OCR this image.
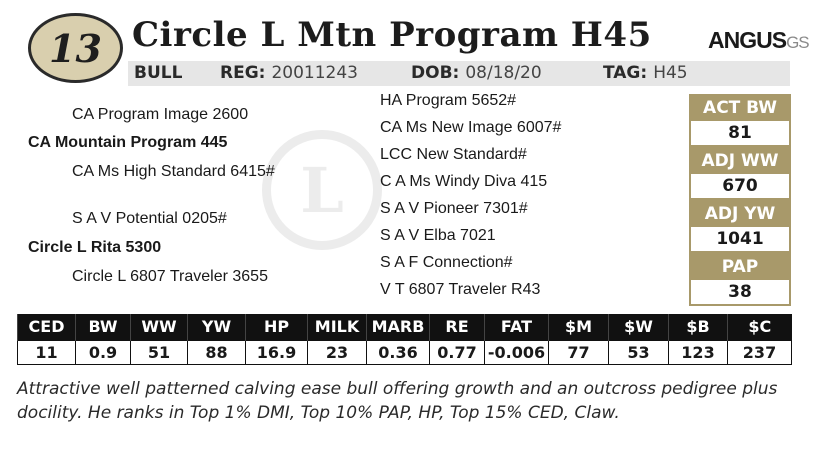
13 Circle L Mtn Program H45 ANGUSGS
BULL REG: 20011243	DOB: 08/18/20	TAG: H45
L
CA Program Image 2600
CA Mountain Program 445
CA Ms High Standard 6415#
S A V Potential 0205#
Circle L Rita 5300
Circle L 6807 Traveler 3655
HA Program 5652#
CA Ms New Image 6007#
LCC New Standard#
C A Ms Windy Diva 415
S A V Pioneer 7301#
S A V Elba 7021
S A F Connection#
V T 6807 Traveler R43
ACT BW
81
ADJ WW
670
ADJ YW
1041
PAP
38
CED	BW	WW	YW	HP	MILK	MARB	RE	FAT	$M	$W	$B	$C
11	0.9	51	88	16.9	23	0.36	0.77	-0.006	77	53	123	237
Attractive well patterned calving ease bull offering growth and an outcross pedigree plus docility. He ranks in Top 1% DMI, Top 10% PAP, HP, Top 15% CED, Claw.
